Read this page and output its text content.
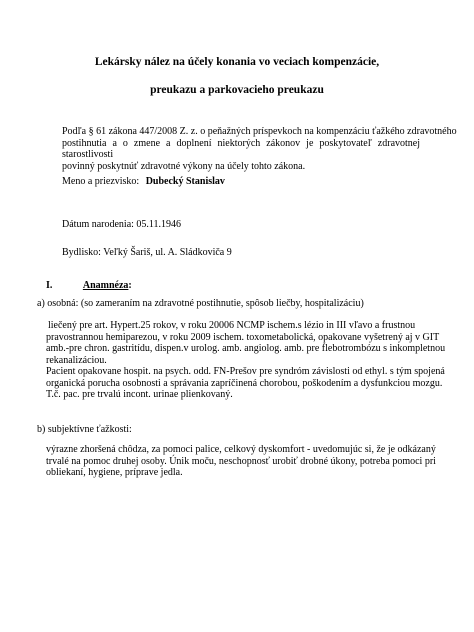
Lekársky nález na účely konania vo veciach kompenzácie,
preukazu a parkovacieho preukazu
Podľa § 61 zákona 447/2008 Z. z. o peňažných príspevkoch na kompenzáciu ťažkého zdravotného
postihnutia a o zmene a doplnení niektorých zákonov je poskytovateľ zdravotnej starostlivosti
povinný poskytnúť zdravotné výkony na účely tohto zákona.
Meno a priezvisko: Dubecký Stanislav
Dátum narodenia: 05.11.1946
Bydlisko: Veľký Šariš, ul. A. Sládkoviča 9
I.	Anamnéza:
a) osobná: (so zameraním na zdravotné postihnutie, spôsob liečby, hospitalizáciu)
liečený pre art. Hypert.25 rokov, v roku 20006 NCMP ischem.s lézio in III vľavo a frustnou
pravostrannou hemiparezou, v roku 2009 ischem. toxometabolická, opakovane vyšetrený aj v GIT
amb.-pre chron. gastritídu, dispen.v urolog. amb. angiolog. amb. pre flebotrombózu s inkompletnou
rekanalizáciou.
Pacient opakovane hospit. na psych. odd. FN-Prešov pre syndróm závislosti od ethyl. s tým spojená
organická porucha osobnosti a správania zapríčinená chorobou, poškodením a dysfunkciou mozgu.
T.č. pac. pre trvalú incont. urinae plienkovaný.
b) subjektívne ťažkosti:
výrazne zhoršená chôdza, za pomoci palice, celkový dyskomfort - uvedomujúc si, že je odkázaný
trvalé na pomoc druhej osoby. Únik moču, neschopnosť urobiť drobné úkony, potreba pomoci pri
obliekaní, hygiene, príprave jedla.
